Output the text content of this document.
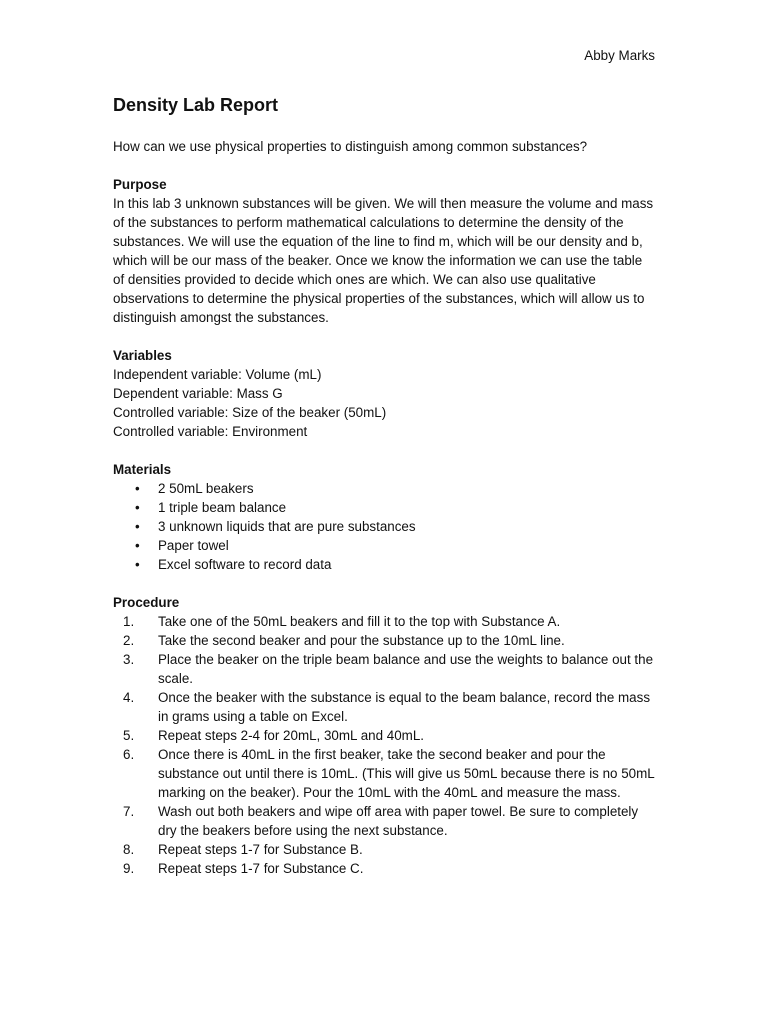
Abby Marks
Density Lab Report

How can we use physical properties to distinguish among common substances?

Purpose

In this lab 3 unknown substances will be given. We will then measure the volume and mass of the substances to perform mathematical calculations to determine the density of the substances. We will use the equation of the line to find m, which will be our density and b, which will be our mass of the beaker. Once we know the information we can use the table of densities provided to decide which ones are which. We can also use qualitative observations to determine the physical properties of the substances, which will allow us to distinguish amongst the substances.

Variables

Independent variable: Volume (mL)

Dependent variable: Mass G

Controlled variable: Size of the beaker (50mL)

Controlled variable: Environment

Materials

• 2 50mL beakers
• 1 triple beam balance
• 3 unknown liquids that are pure substances
• Paper towel
• Excel software to record data

Procedure

1.	Take one of the 50mL beakers and fill it to the top with Substance A.
2.	Take the second beaker and pour the substance up to the 10mL line.
3.	Place the beaker on the triple beam balance and use the weights to balance out the scale.
4.	Once the beaker with the substance is equal to the beam balance, record the mass in grams using a table on Excel.
5.	Repeat steps 2-4 for 20mL, 30mL and 40mL.
6.	Once there is 40mL in the first beaker, take the second beaker and pour the substance out until there is 10mL. (This will give us 50mL because there is no 50mL marking on the beaker). Pour the 10mL with the 40mL and measure the mass.
7.	Wash out both beakers and wipe off area with paper towel. Be sure to completely dry the beakers before using the next substance.
8.	Repeat steps 1-7 for Substance B.
9.	Repeat steps 1-7 for Substance C.
